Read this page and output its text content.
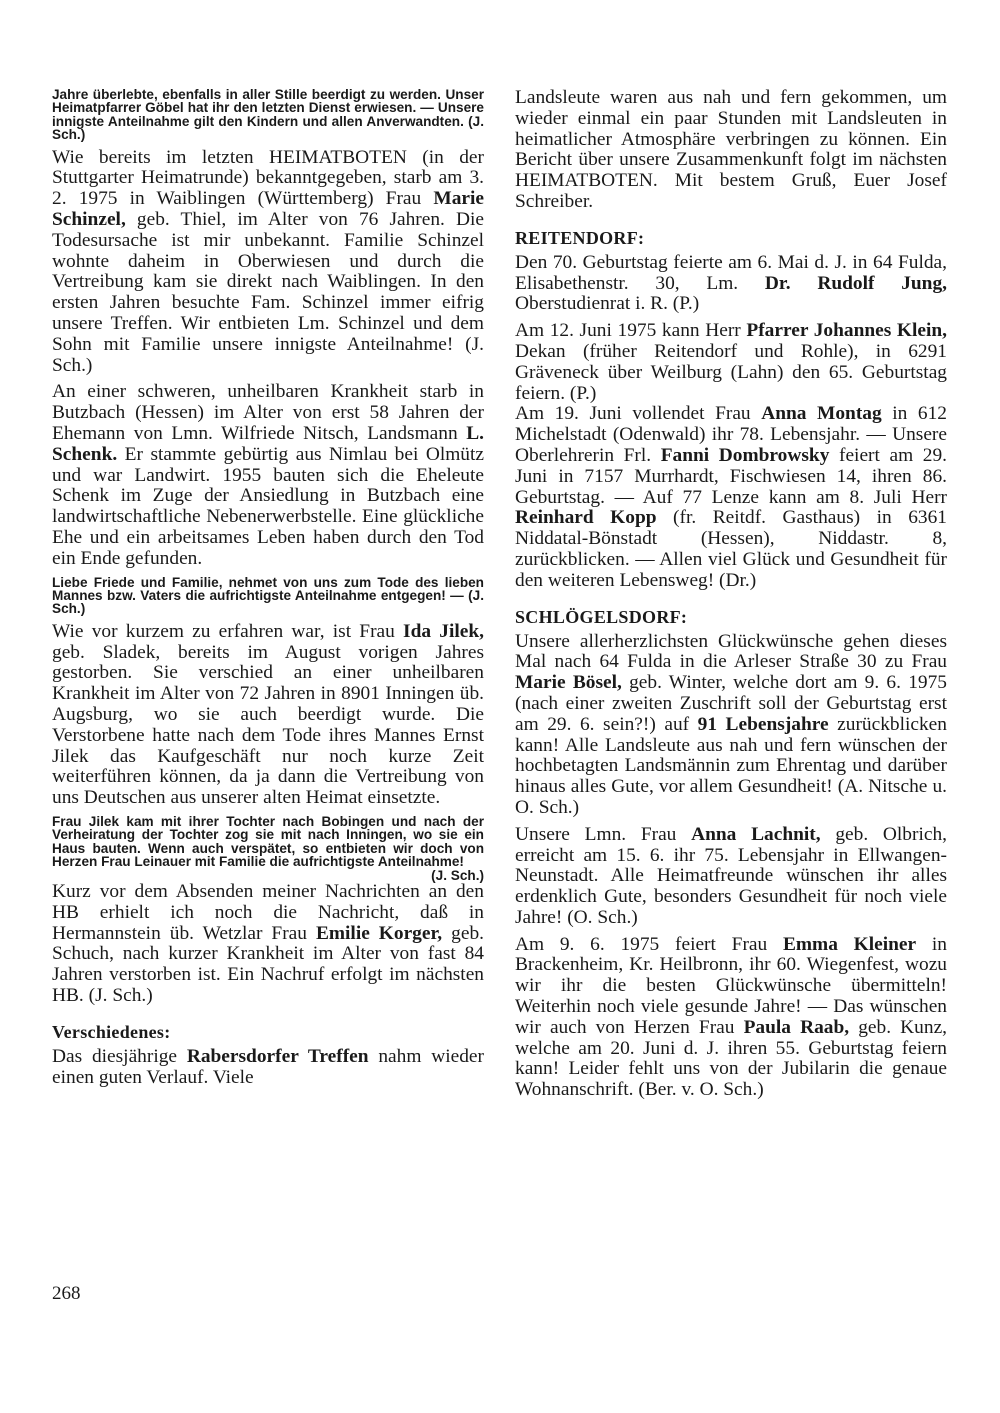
Jahre überlebte, ebenfalls in aller Stille beerdigt zu werden. Unser Heimatpfarrer Göbel hat ihr den letzten Dienst erwiesen. — Unsere innigste Anteilnahme gilt den Kindern und allen Anverwandten. (J. Sch.)

Wie bereits im letzten HEIMATBOTEN (in der Stuttgarter Heimatrunde) bekanntgegeben, starb am 3. 2. 1975 in Waiblingen (Württemberg) Frau Marie Schinzel, geb. Thiel, im Alter von 76 Jahren. Die Todesursache ist mir unbekannt. Familie Schinzel wohnte daheim in Oberwiesen und durch die Vertreibung kam sie direkt nach Waiblingen. In den ersten Jahren besuchte Fam. Schinzel immer eifrig unsere Treffen. Wir entbieten Lm. Schinzel und dem Sohn mit Familie unsere innigste Anteilnahme! (J. Sch.)

An einer schweren, unheilbaren Krankheit starb in Butzbach (Hessen) im Alter von erst 58 Jahren der Ehemann von Lmn. Wilfriede Nitsch, Landsmann L. Schenk. Er stammte gebürtig aus Nimlau bei Olmütz und war Landwirt. 1955 bauten sich die Eheleute Schenk im Zuge der Ansiedlung in Butzbach eine landwirtschaftliche Nebenerwerbstelle. Eine glückliche Ehe und ein arbeitsames Leben haben durch den Tod ein Ende gefunden.

Liebe Friede und Familie, nehmet von uns zum Tode des lieben Mannes bzw. Vaters die aufrichtigste Anteilnahme entgegen! — (J. Sch.)

Wie vor kurzem zu erfahren war, ist Frau Ida Jilek, geb. Sladek, bereits im August vorigen Jahres gestorben. Sie verschied an einer unheilbaren Krankheit im Alter von 72 Jahren in 8901 Inningen üb. Augsburg, wo sie auch beerdigt wurde. Die Verstorbene hatte nach dem Tode ihres Mannes Ernst Jilek das Kaufgeschäft nur noch kurze Zeit weiterführen können, da ja dann die Vertreibung von uns Deutschen aus unserer alten Heimat einsetzte.

Frau Jilek kam mit ihrer Tochter nach Bobingen und nach der Verheiratung der Tochter zog sie mit nach Inningen, wo sie ein Haus bauten. Wenn auch verspätet, so entbieten wir doch von Herzen Frau Leinauer mit Familie die aufrichtigste Anteilnahme!

(J. Sch.)

Kurz vor dem Absenden meiner Nachrichten an den HB erhielt ich noch die Nachricht, daß in Hermannstein üb. Wetzlar Frau Emilie Korger, geb. Schuch, nach kurzer Krankheit im Alter von fast 84 Jahren verstorben ist. Ein Nachruf erfolgt im nächsten HB. (J. Sch.)

Verschiedenes:

Das diesjährige Rabersdorfer Treffen nahm wieder einen guten Verlauf. Viele

Landsleute waren aus nah und fern gekommen, um wieder einmal ein paar Stunden mit Landsleuten in heimatlicher Atmosphäre verbringen zu können. Ein Bericht über unsere Zusammenkunft folgt im nächsten HEIMATBOTEN. Mit bestem Gruß, Euer Josef Schreiber.

REITENDORF:

Den 70. Geburtstag feierte am 6. Mai d. J. in 64 Fulda, Elisabethenstr. 30, Lm. Dr. Rudolf Jung, Oberstudienrat i. R. (P.)

Am 12. Juni 1975 kann Herr Pfarrer Johannes Klein, Dekan (früher Reitendorf und Rohle), in 6291 Gräveneck über Weilburg (Lahn) den 65. Geburtstag feiern. (P.)

Am 19. Juni vollendet Frau Anna Montag in 612 Michelstadt (Odenwald) ihr 78. Lebensjahr. — Unsere Oberlehrerin Frl. Fanni Dombrowsky feiert am 29. Juni in 7157 Murrhardt, Fischwiesen 14, ihren 86. Geburtstag. — Auf 77 Lenze kann am 8. Juli Herr Reinhard Kopp (fr. Reitdf. Gasthaus) in 6361 Niddatal-Bönstadt (Hessen), Niddastr. 8, zurückblicken. — Allen viel Glück und Gesundheit für den weiteren Lebensweg! (Dr.)

SCHLÖGELSDORF:

Unsere allerherzlichsten Glückwünsche gehen dieses Mal nach 64 Fulda in die Arleser Straße 30 zu Frau Marie Bösel, geb. Winter, welche dort am 9. 6. 1975 (nach einer zweiten Zuschrift soll der Geburtstag erst am 29. 6. sein?!) auf 91 Lebensjahre zurückblicken kann! Alle Landsleute aus nah und fern wünschen der hochbetagten Landsmännin zum Ehrentag und darüber hinaus alles Gute, vor allem Gesundheit! (A. Nitsche u. O. Sch.)

Unsere Lmn. Frau Anna Lachnit, geb. Olbrich, erreicht am 15. 6. ihr 75. Lebensjahr in Ellwangen-Neunstadt. Alle Heimatfreunde wünschen ihr alles erdenklich Gute, besonders Gesundheit für noch viele Jahre! (O. Sch.)

Am 9. 6. 1975 feiert Frau Emma Kleiner in Brackenheim, Kr. Heilbronn, ihr 60. Wiegenfest, wozu wir ihr die besten Glückwünsche übermitteln! Weiterhin noch viele gesunde Jahre! — Das wünschen wir auch von Herzen Frau Paula Raab, geb. Kunz, welche am 20. Juni d. J. ihren 55. Geburtstag feiern kann! Leider fehlt uns von der Jubilarin die genaue Wohnanschrift. (Ber. v. O. Sch.)

268
